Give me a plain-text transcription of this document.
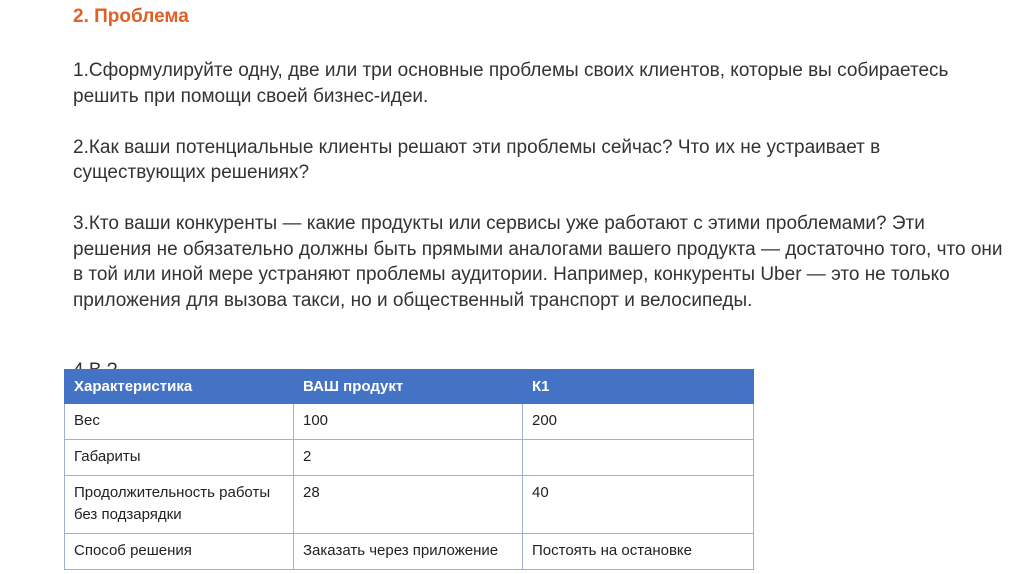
2. Проблема

1.Сформулируйте одну, две или три основные проблемы своих клиентов, которые вы собираетесь решить при помощи своей бизнес-идеи.

2.Как ваши потенциальные клиенты решают эти проблемы сейчас? Что их не устраивает в существующих решениях?

3.Кто ваши конкуренты — какие продукты или сервисы уже работают с этими проблемами? Эти решения не обязательно должны быть прямыми аналогами вашего продукта — достаточно того, что они в той или иной мере устраняют проблемы аудитории. Например, конкуренты Uber — это не только приложения для вызова такси, но и общественный транспорт и велосипеды.

Характеристика	ВАШ продукт	К1
Вес	100	200
Габариты	2	
Продолжительность работы без подзарядки	28	40
Способ решения	Заказать через приложение	Постоять на остановке
